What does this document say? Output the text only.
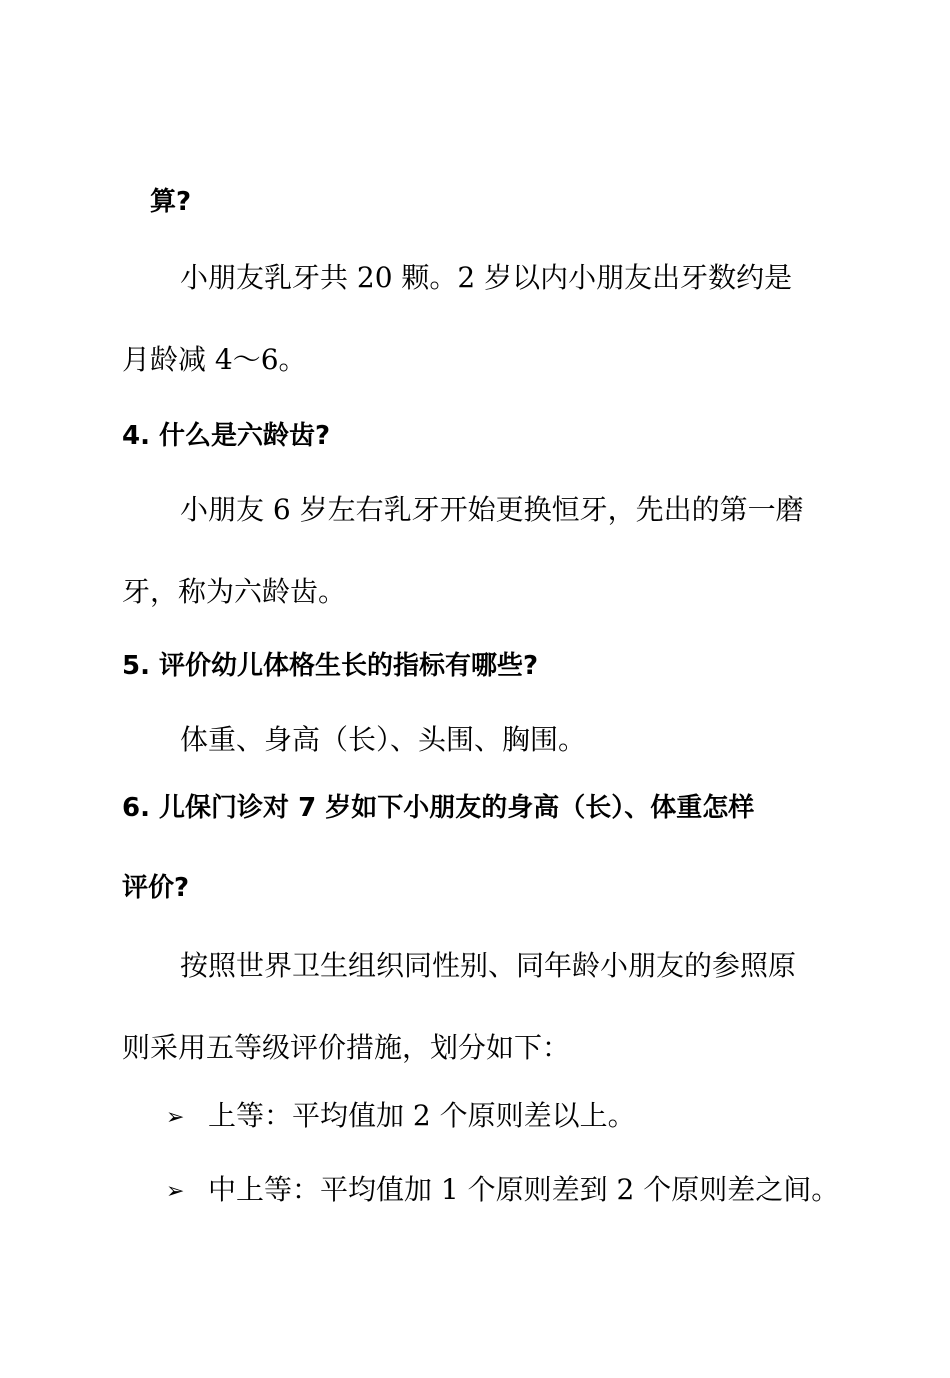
算?
小朋友乳牙共 20 颗。2 岁以内小朋友出牙数约是
月龄减 4～6。
4. 什么是六龄齿?
小朋友 6 岁左右乳牙开始更换恒牙，先出的第一磨
牙，称为六龄齿。
5. 评价幼儿体格生长的指标有哪些?
体重、身高（长）、头围、胸围。
6. 儿保门诊对 7 岁如下小朋友的身高（长）、体重怎样
评价?
按照世界卫生组织同性别、同年龄小朋友的参照原
则采用五等级评价措施，划分如下：
➢ 上等：平均值加 2 个原则差以上。
➢ 中上等：平均值加 1 个原则差到 2 个原则差之间。
